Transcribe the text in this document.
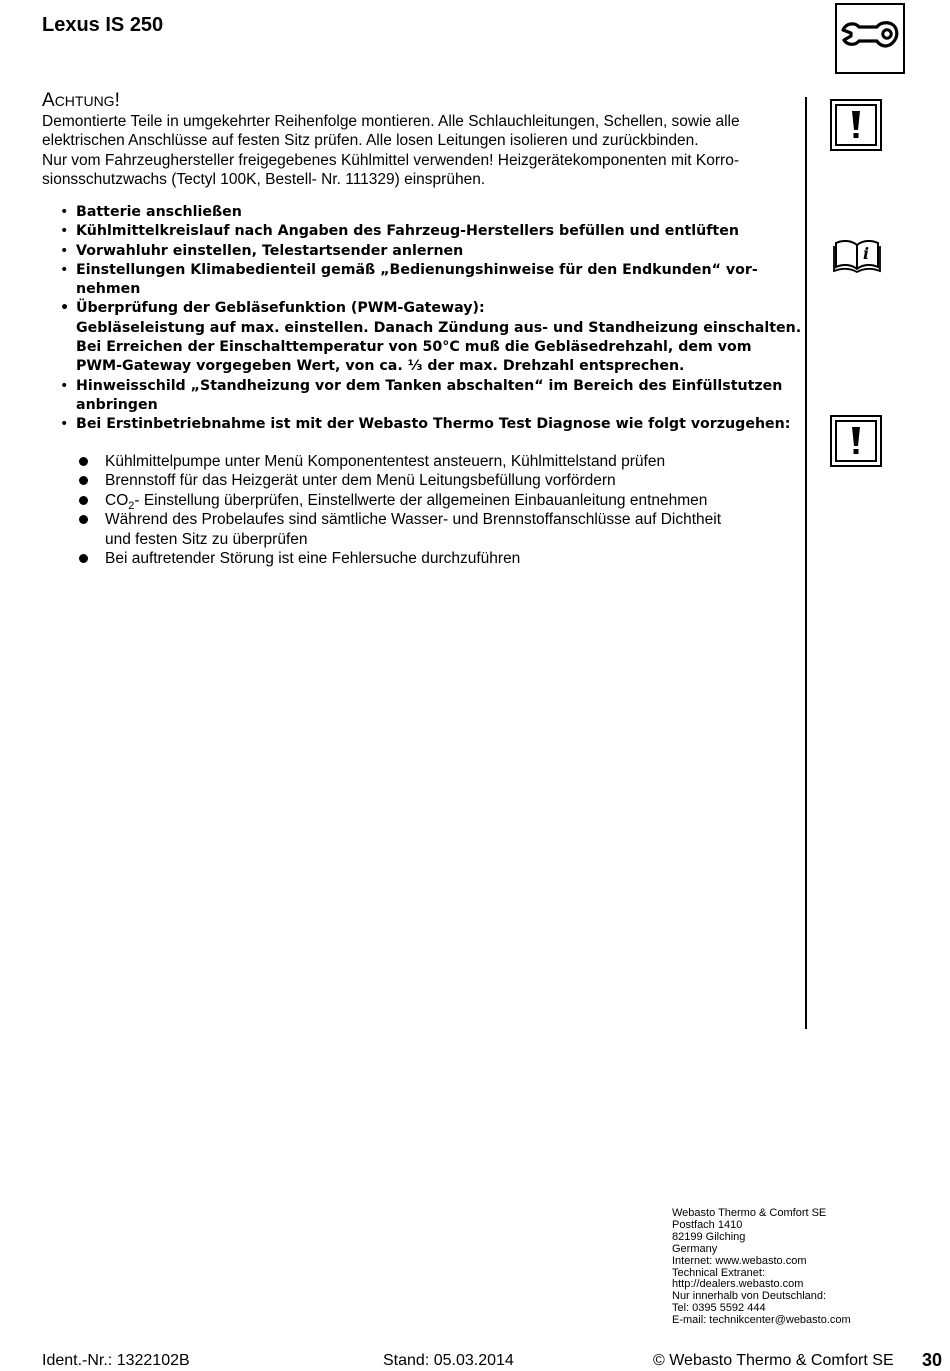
Lexus IS 250
i
ACHTUNG!

Demontierte Teile in umgekehrter Reihenfolge montieren. Alle Schlauchleitungen, Schellen, sowie alle

elektrischen Anschlüsse auf festen Sitz prüfen. Alle losen Leitungen isolieren und zurückbinden.

Nur vom Fahrzeughersteller freigegebenes Kühlmittel verwenden! Heizgerätekomponenten mit Korro-

sionsschutzwachs (Tectyl 100K, Bestell- Nr. 111329) einsprühen.

• Batterie anschließen
• Kühlmittelkreislauf nach Angaben des Fahrzeug-Herstellers befüllen und entlüften
• Vorwahluhr einstellen, Telestartsender anlernen
• Einstellungen Klimabedienteil gemäß „Bedienungshinweise für den Endkunden“ vor-
nehmen
• Überprüfung der Gebläsefunktion (PWM-Gateway):
Gebläseleistung auf max. einstellen. Danach Zündung aus- und Standheizung einschalten.
Bei Erreichen der Einschalttemperatur von 50°C muß die Gebläsedrehzahl, dem vom
PWM-Gateway vorgegeben Wert, von ca. ⅓ der max. Drehzahl entsprechen.
• Hinweisschild „Standheizung vor dem Tanken abschalten“ im Bereich des Einfüllstutzen
anbringen
• Bei Erstinbetriebnahme ist mit der Webasto Thermo Test Diagnose wie folgt vorzugehen:
Kühlmittelpumpe unter Menü Komponententest ansteuern, Kühlmittelstand prüfen
Brennstoff für das Heizgerät unter dem Menü Leitungsbefüllung vorfördern
$CO_2-$ Einstellung überprüfen, Einstellwerte der allgemeinen Einbauanleitung entnehmen
Während des Probelaufes sind sämtliche Wasser- und Brennstoffanschlüsse auf Dichtheit
und festen Sitz zu überprüfen
Bei auftretender Störung ist eine Fehlersuche durchzuführen
Webasto Thermo & Comfort SE
Postfach 1410
82199 Gilching
Germany
Internet: www.webasto.com
Technical Extranet:
http://dealers.webasto.com
Nur innerhalb von Deutschland:
Tel: 0395 5592 444
E-mail: technikcenter@webasto.com
Ident.-Nr.: 1322102B	Stand: 05.03.2014	© Webasto Thermo & Comfort SE 30
